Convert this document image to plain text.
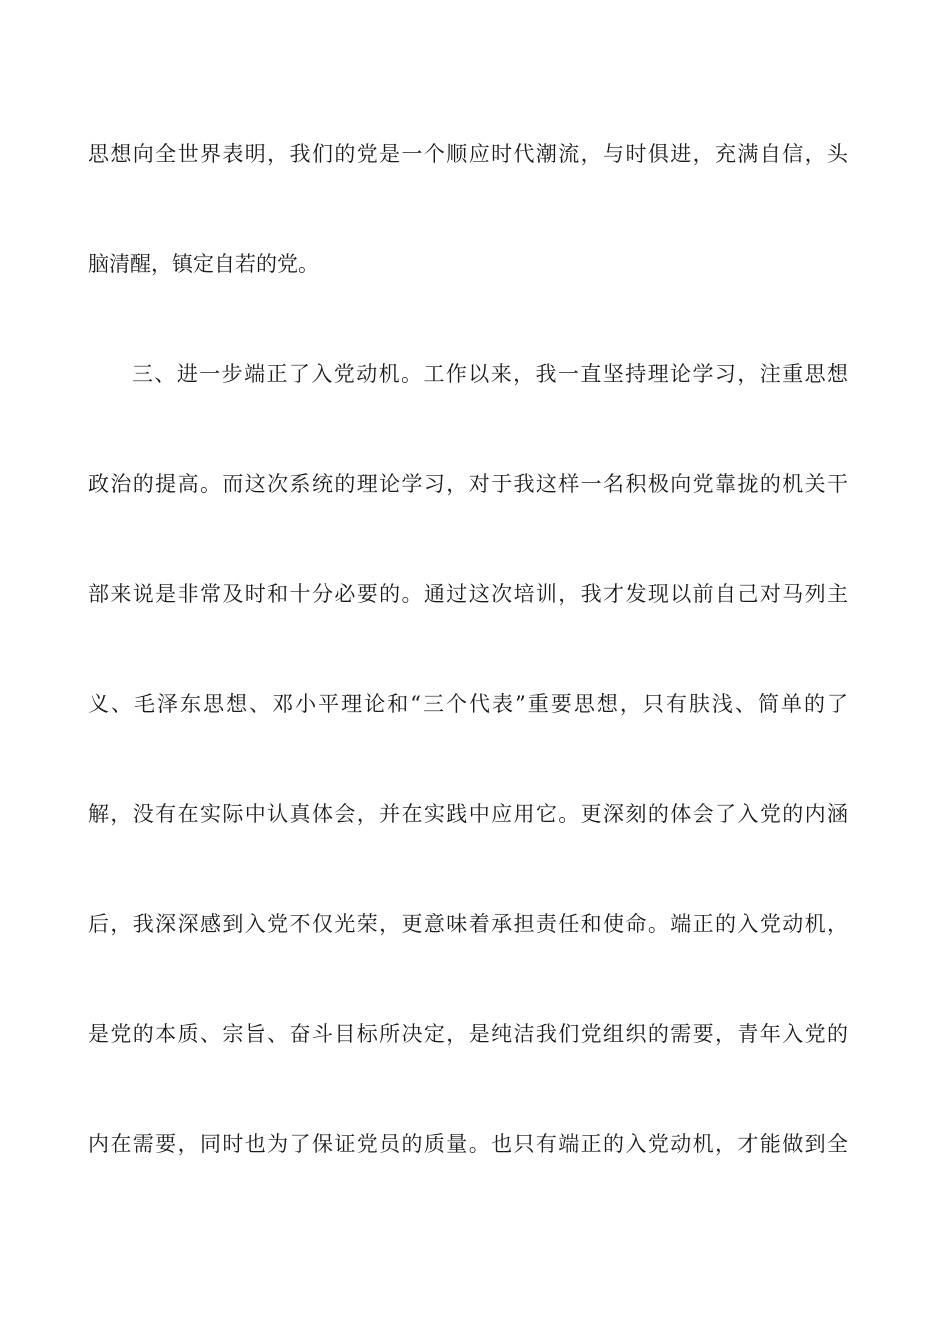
思想向全世界表明，我们的党是一个顺应时代潮流，与时俱进，充满自信，头
脑清醒，镇定自若的党。
三、进一步端正了入党动机。工作以来，我一直坚持理论学习，注重思想
政治的提高。而这次系统的理论学习，对于我这样一名积极向党靠拢的机关干
部来说是非常及时和十分必要的。通过这次培训，我才发现以前自己对马列主
义、毛泽东思想、邓小平理论和“三个代表”重要思想，只有肤浅、简单的了
解，没有在实际中认真体会，并在实践中应用它。更深刻的体会了入党的内涵
后，我深深感到入党不仅光荣，更意味着承担责任和使命。端正的入党动机，
是党的本质、宗旨、奋斗目标所决定，是纯洁我们党组织的需要，青年入党的
内在需要，同时也为了保证党员的质量。也只有端正的入党动机，才能做到全
